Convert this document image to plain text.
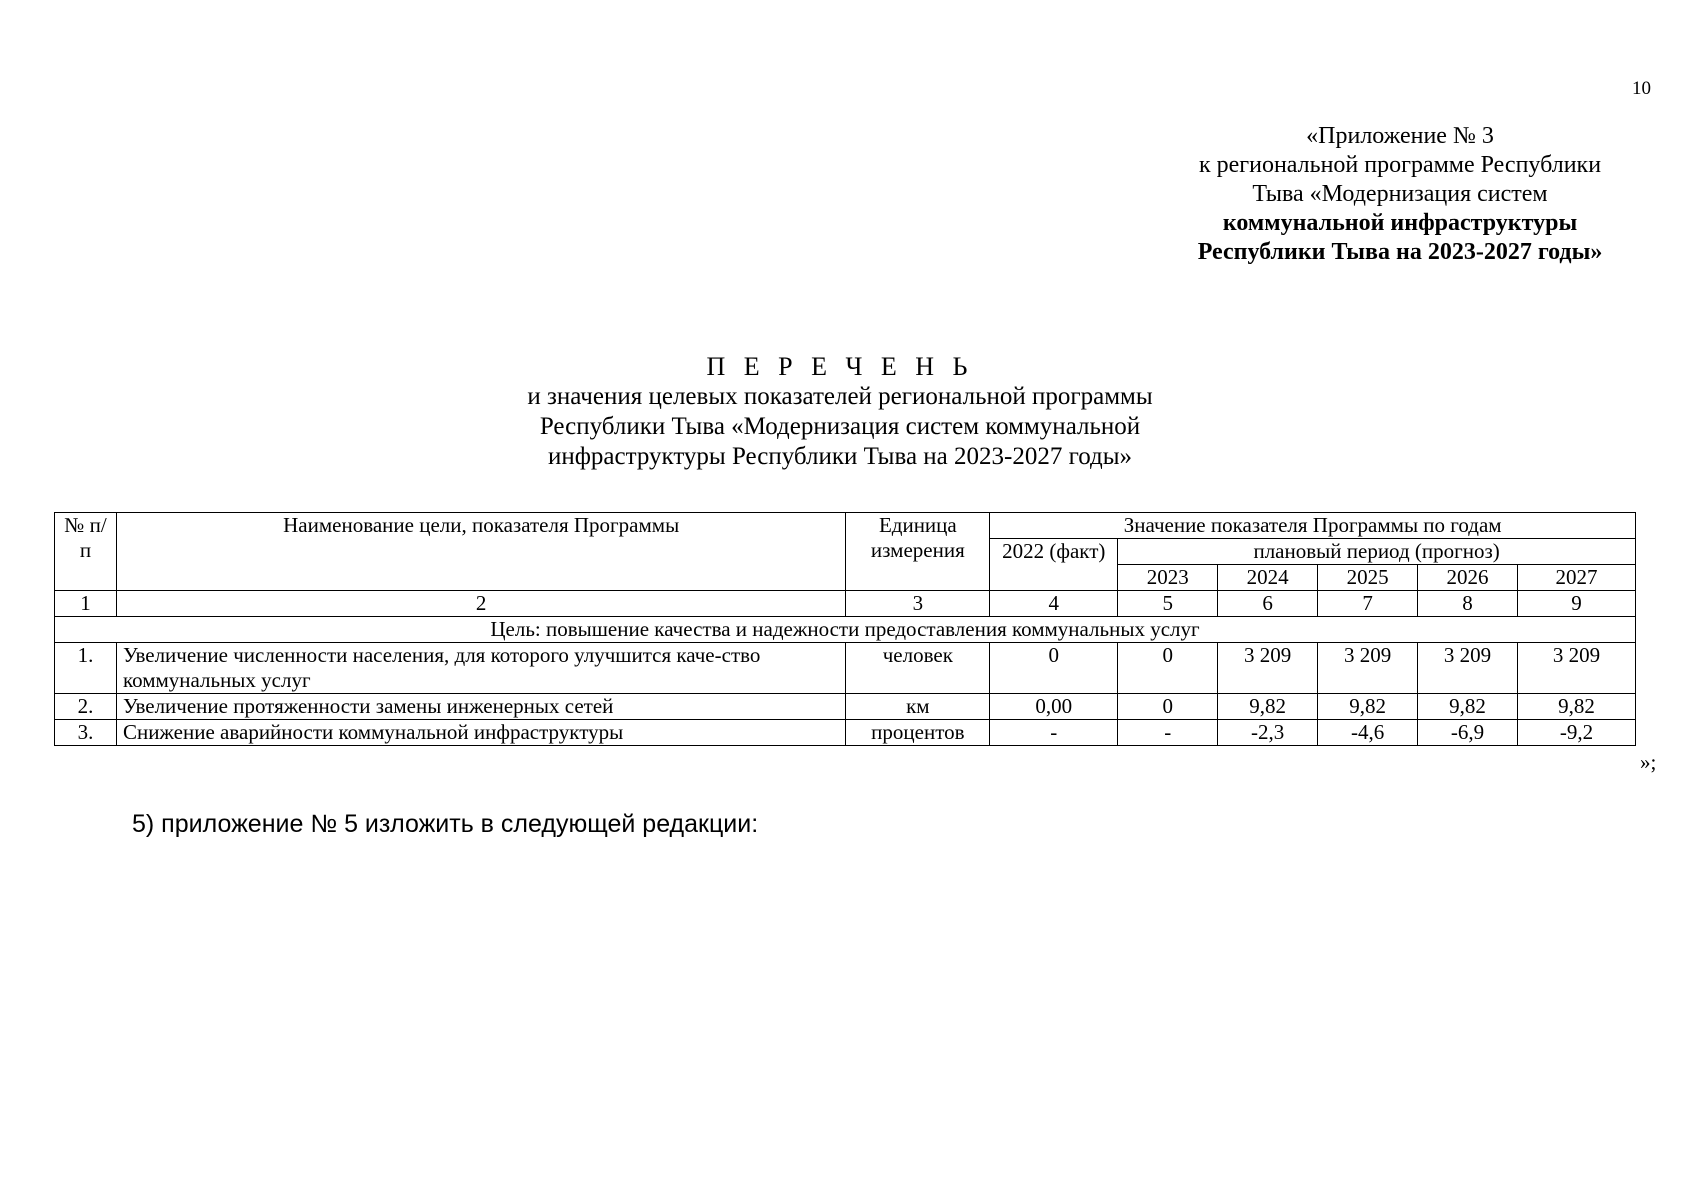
10
«Приложение № 3
к региональной программе Республики
Тыва «Модернизация систем
коммунальной инфраструктуры
Республики Тыва на 2023-2027 годы»
П Е Р Е Ч Е Н Ь
и значения целевых показателей региональной программы
Республики Тыва «Модернизация систем коммунальной
инфраструктуры Республики Тыва на 2023-2027 годы»
№ п/п	Наименование цели, показателя Программы	Единица измерения	Значение показателя Программы по годам					
			2022 (факт)	плановый период (прогноз)				
				2023	2024	2025	2026	2027
1	2	3	4	5	6	7	8	9
Цель: повышение качества и надежности предоставления коммунальных услуг								
1.	Увеличение численности населения, для которого улучшится каче-ство коммунальных услуг	человек	0	0	3 209	3 209	3 209	3 209
2.	Увеличение протяженности замены инженерных сетей	км	0,00	0	9,82	9,82	9,82	9,82
3.	Снижение аварийности коммунальной инфраструктуры	процентов	-	-	-2,3	-4,6	-6,9	-9,2
»;
5) приложение № 5 изложить в следующей редакции:
